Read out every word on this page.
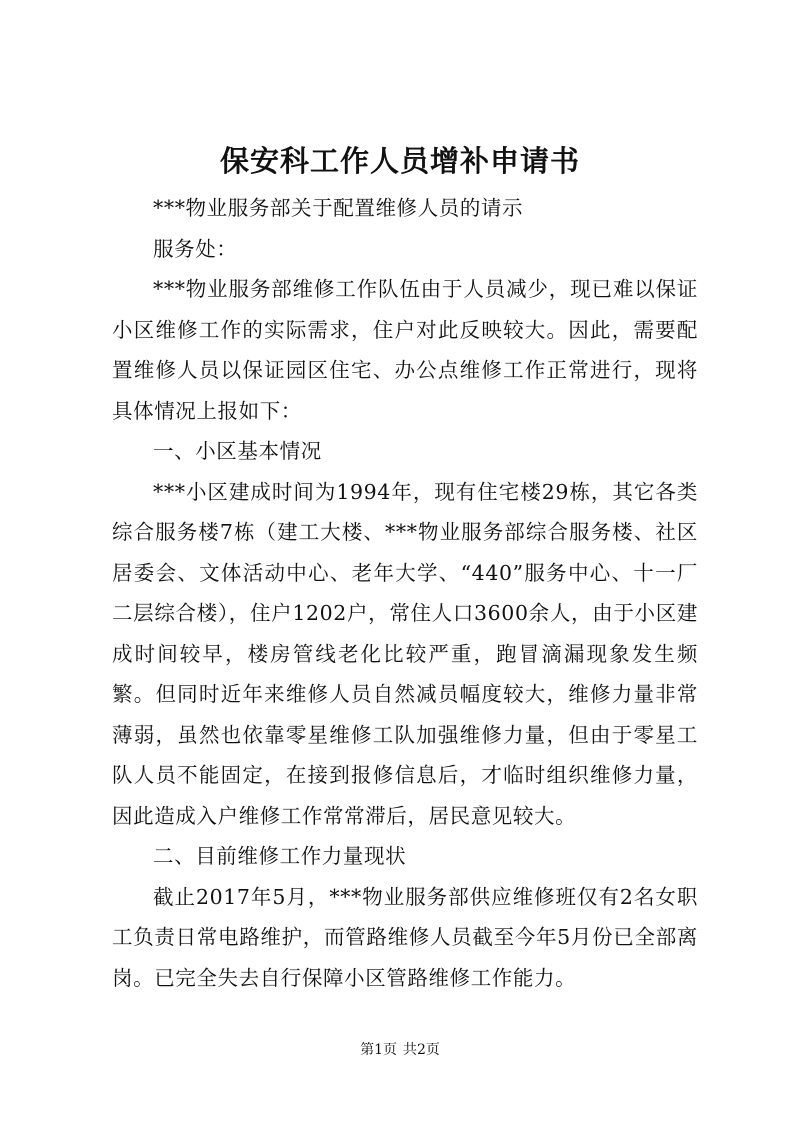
保安科工作人员增补申请书

***物业服务部关于配置维修人员的请示

服务处：

***物业服务部维修工作队伍由于人员减少，现已难以保证小区维修工作的实际需求，住户对此反映较大。因此，需要配置维修人员以保证园区住宅、办公点维修工作正常进行，现将具体情况上报如下：

一、小区基本情况

***小区建成时间为1994年，现有住宅楼29栋，其它各类综合服务楼7栋（建工大楼、***物业服务部综合服务楼、社区居委会、文体活动中心、老年大学、“440”服务中心、十一厂二层综合楼），住户1202户，常住人口3600余人，由于小区建成时间较早，楼房管线老化比较严重，跑冒滴漏现象发生频繁。但同时近年来维修人员自然减员幅度较大，维修力量非常薄弱，虽然也依靠零星维修工队加强维修力量，但由于零星工队人员不能固定，在接到报修信息后，才临时组织维修力量，因此造成入户维修工作常常滞后，居民意见较大。

二、目前维修工作力量现状

截止2017年5月，***物业服务部供应维修班仅有2名女职工负责日常电路维护，而管路维修人员截至今年5月份已全部离岗。已完全失去自行保障小区管路维修工作能力。

第1页 共2页
